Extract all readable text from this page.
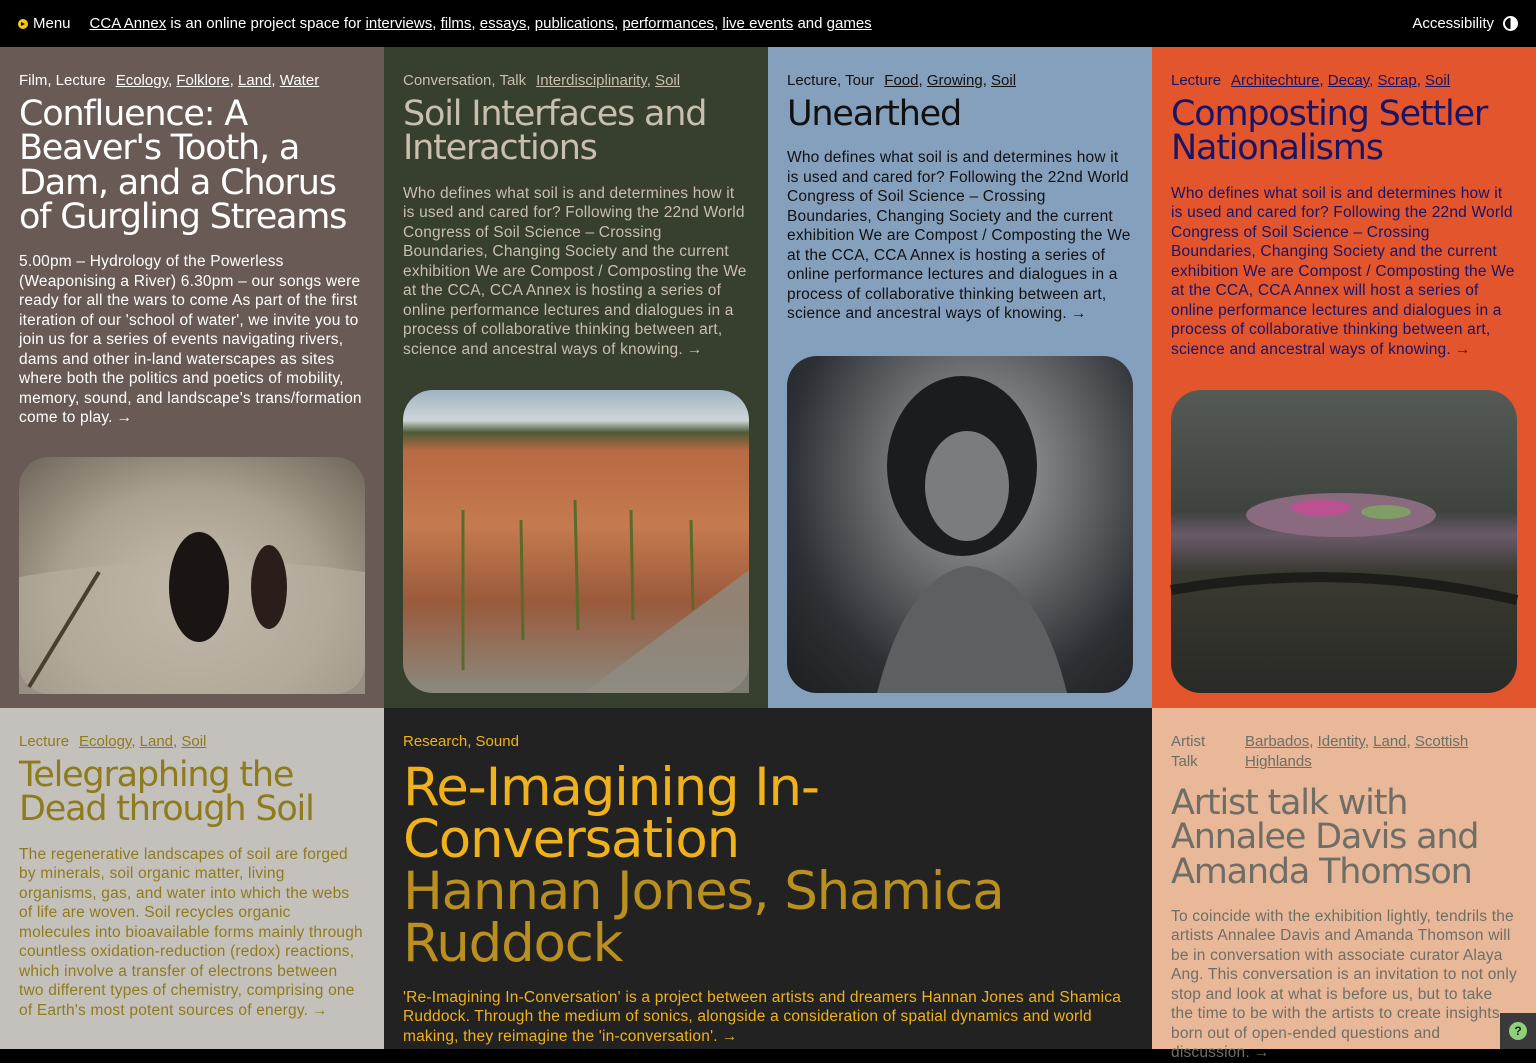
Menu CCA Annex is an online project space for interviews, films, essays, publications, performances, live events and games	Accessibility
Film, Lecture Ecology, Folklore, Land, Water
Confluence: A Beaver's Tooth, a Dam, and a Chorus of Gurgling Streams
5.00pm – Hydrology of the Powerless (Weaponising a River) 6.30pm – our songs were ready for all the wars to come As part of the first iteration of our 'school of water', we invite you to join us for a series of events navigating rivers, dams and other in-land waterscapes as sites where both the politics and poetics of mobility, memory, sound, and landscape's trans/formation come to play. →
Conversation, Talk Interdisciplinarity, Soil
Soil Interfaces and Interactions
Who defines what soil is and determines how it is used and cared for? Following the 22nd World Congress of Soil Science – Crossing Boundaries, Changing Society and the current exhibition We are Compost / Composting the We at the CCA, CCA Annex is hosting a series of online performance lectures and dialogues in a process of collaborative thinking between art, science and ancestral ways of knowing. →
Lecture, Tour Food, Growing, Soil
Unearthed
Who defines what soil is and determines how it is used and cared for? Following the 22nd World Congress of Soil Science – Crossing Boundaries, Changing Society and the current exhibition We are Compost / Composting the We at the CCA, CCA Annex is hosting a series of online performance lectures and dialogues in a process of collaborative thinking between art, science and ancestral ways of knowing. →
Lecture Architechture, Decay, Scrap, Soil
Composting Settler Nationalisms
Who defines what soil is and determines how it is used and cared for? Following the 22nd World Congress of Soil Science – Crossing Boundaries, Changing Society and the current exhibition We are Compost / Composting the We at the CCA, CCA Annex will host a series of online performance lectures and dialogues in a process of collaborative thinking between art, science and ancestral ways of knowing. →
Lecture Ecology, Land, Soil
Telegraphing the Dead through Soil
The regenerative landscapes of soil are forged by minerals, soil organic matter, living organisms, gas, and water into which the webs of life are woven. Soil recycles organic molecules into bioavailable forms mainly through countless oxidation-reduction (redox) reactions, which involve a transfer of electrons between two different types of chemistry, comprising one of Earth's most potent sources of energy. →
Research, Sound
Re-Imagining In-Conversation
Hannan Jones, Shamica Ruddock
'Re-Imagining In-Conversation' is a project between artists and dreamers Hannan Jones and Shamica Ruddock. Through the medium of sonics, alongside a consideration of spatial dynamics and world making, they reimagine the 'in-conversation'. →
Artist Talk
Barbados, Identity, Land, Scottish Highlands
Artist talk with Annalee Davis and Amanda Thomson
To coincide with the exhibition lightly, tendrils the artists Annalee Davis and Amanda Thomson will be in conversation with associate curator Alaya Ang. This conversation is an invitation to not only stop and look at what is before us, but to take the time to be with the artists to create insights born out of open-ended questions and discussion. →
?
